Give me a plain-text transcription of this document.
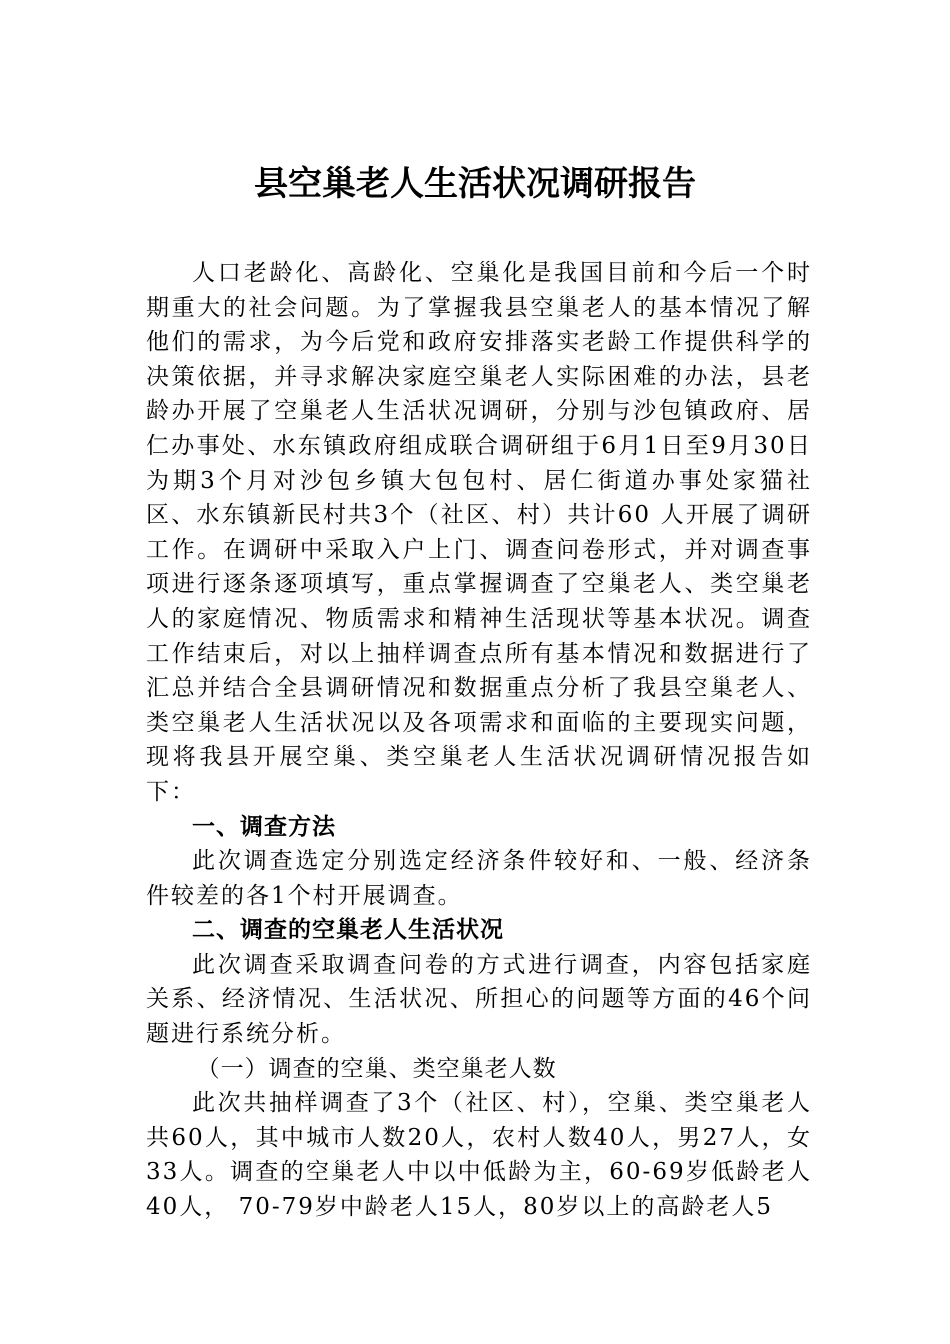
县空巢老人生活状况调研报告

人口老龄化、高龄化、空巢化是我国目前和今后一个时期重大的社会问题。为了掌握我县空巢老人的基本情况了解他们的需求，为今后党和政府安排落实老龄工作提供科学的决策依据，并寻求解决家庭空巢老人实际困难的办法，县老龄办开展了空巢老人生活状况调研，分别与沙包镇政府、居仁办事处、水东镇政府组成联合调研组于6月1日至9月30日为期3个月对沙包乡镇大包包村、居仁街道办事处家猫社区、水东镇新民村共3个（社区、村）共计60 人开展了调研工作。在调研中采取入户上门、调查问卷形式，并对调查事项进行逐条逐项填写，重点掌握调查了空巢老人、类空巢老人的家庭情况、物质需求和精神生活现状等基本状况。调查工作结束后，对以上抽样调查点所有基本情况和数据进行了汇总并结合全县调研情况和数据重点分析了我县空巢老人、类空巢老人生活状况以及各项需求和面临的主要现实问题，现将我县开展空巢、类空巢老人生活状况调研情况报告如下：

一、调查方法

此次调查选定分别选定经济条件较好和、一般、经济条件较差的各1个村开展调查。

二、调查的空巢老人生活状况

此次调查采取调查问卷的方式进行调查，内容包括家庭关系、经济情况、生活状况、所担心的问题等方面的46个问题进行系统分析。

（一）调查的空巢、类空巢老人数

此次共抽样调查了3个（社区、村），空巢、类空巢老人共60人，其中城市人数20人，农村人数40人，男27人，女33人。调查的空巢老人中以中低龄为主，60-69岁低龄老人40人， 70-79岁中龄老人15人，80岁以上的高龄老人5
